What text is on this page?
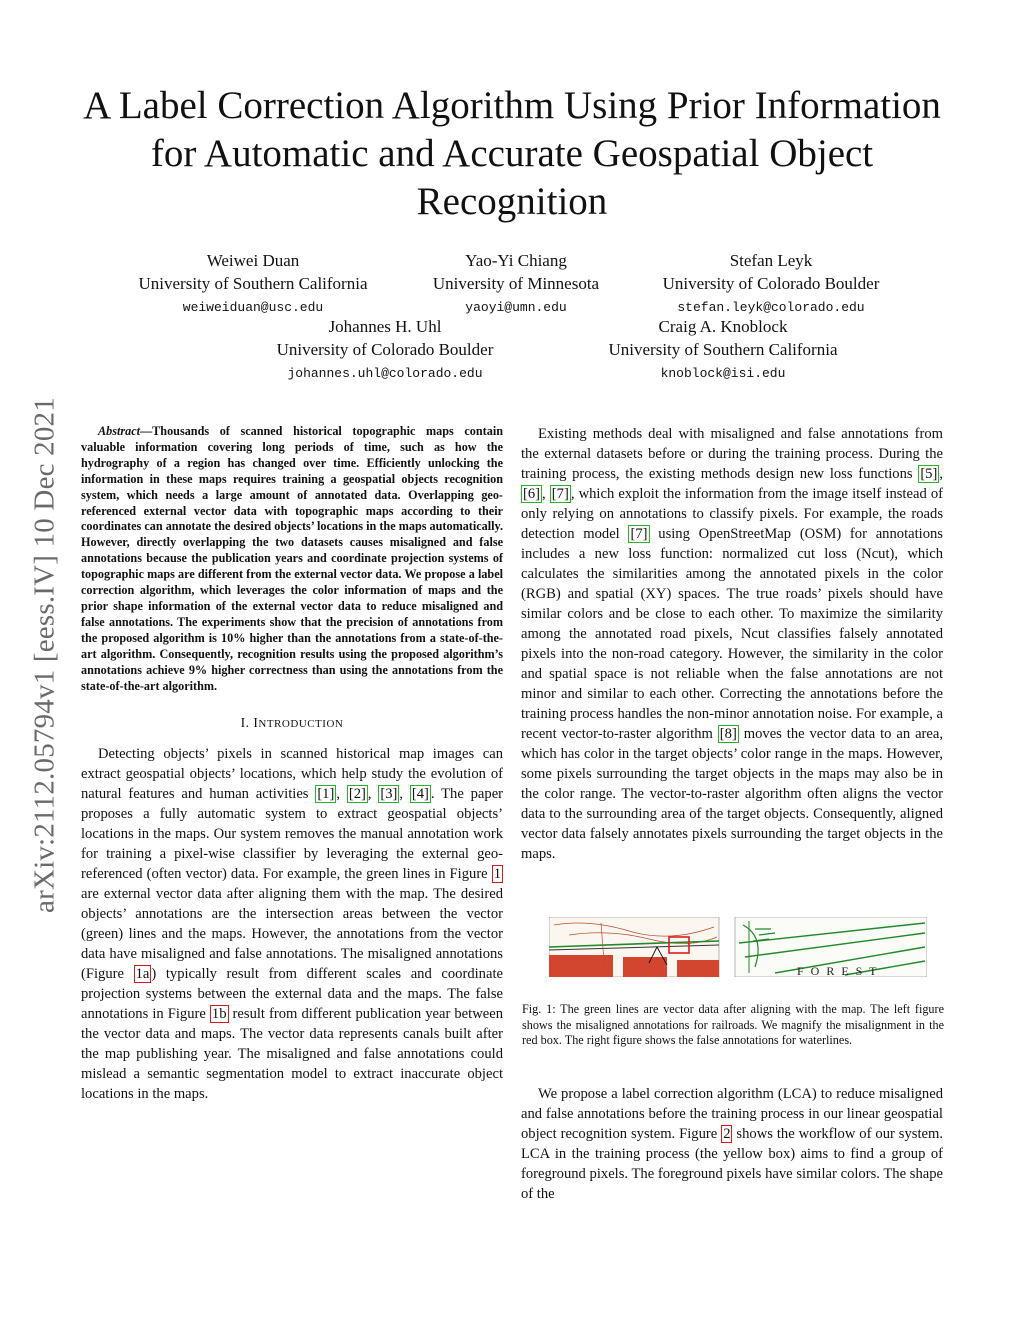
arXiv:2112.05794v1 [eess.IV] 10 Dec 2021
A Label Correction Algorithm Using Prior Information for Automatic and Accurate Geospatial Object Recognition
Weiwei Duan
University of Southern California
weiweiduan@usc.edu
Yao-Yi Chiang
University of Minnesota
yaoyi@umn.edu
Stefan Leyk
University of Colorado Boulder
stefan.leyk@colorado.edu
Johannes H. Uhl
University of Colorado Boulder
johannes.uhl@colorado.edu
Craig A. Knoblock
University of Southern California
knoblock@isi.edu

Abstract—Thousands of scanned historical topographic maps contain valuable information covering long periods of time, such as how the hydrography of a region has changed over time. Efficiently unlocking the information in these maps requires training a geospatial objects recognition system, which needs a large amount of annotated data. Overlapping geo-referenced external vector data with topographic maps according to their coordinates can annotate the desired objects’ locations in the maps automatically. However, directly overlapping the two datasets causes misaligned and false annotations because the publication years and coordinate projection systems of topographic maps are different from the external vector data. We propose a label correction algorithm, which leverages the color information of maps and the prior shape information of the external vector data to reduce misaligned and false annotations. The experiments show that the precision of annotations from the proposed algorithm is 10% higher than the annotations from a state-of-the-art algorithm. Consequently, recognition results using the proposed algorithm’s annotations achieve 9% higher correctness than using the annotations from the state-of-the-art algorithm.

I. INTRODUCTION

Detecting objects’ pixels in scanned historical map images can extract geospatial objects’ locations, which help study the evolution of natural features and human activities [1] , [2] , [3] , [4] . The paper proposes a fully automatic system to extract geospatial objects’ locations in the maps. Our system removes the manual annotation work for training a pixel-wise classifier by leveraging the external geo-referenced (often vector) data. For example, the green lines in Figure 1 are external vector data after aligning them with the map. The desired objects’ annotations are the intersection areas between the vector (green) lines and the maps. However, the annotations from the vector data have misaligned and false annotations. The misaligned annotations (Figure 1a ) typically result from different scales and coordinate projection systems between the external data and the maps. The false annotations in Figure 1b result from different publication year between the vector data and maps. The vector data represents canals built after the map publishing year. The misaligned and false annotations could mislead a semantic segmentation model to extract inaccurate object locations in the maps.

Existing methods deal with misaligned and false annotations from the external datasets before or during the training process. During the training process, the existing methods design new loss functions [5] , [6] , [7] , which exploit the information from the image itself instead of only relying on annotations to classify pixels. For example, the roads detection model [7] using OpenStreetMap (OSM) for annotations includes a new loss function: normalized cut loss (Ncut), which calculates the similarities among the annotated pixels in the color (RGB) and spatial (XY) spaces. The true roads’ pixels should have similar colors and be close to each other. To maximize the similarity among the annotated road pixels, Ncut classifies falsely annotated pixels into the non-road category. However, the similarity in the color and spatial space is not reliable when the false annotations are not minor and similar to each other. Correcting the annotations before the training process handles the non-minor annotation noise. For example, a recent vector-to-raster algorithm [8] moves the vector data to an area, which has color in the target objects’ color range in the maps. However, some pixels surrounding the target objects in the maps may also be in the color range. The vector-to-raster algorithm often aligns the vector data to the surrounding area of the target objects. Consequently, aligned vector data falsely annotates pixels surrounding the target objects in the maps.

F O R E S T
Fig. 1: The green lines are vector data after aligning with the map. The left figure shows the misaligned annotations for railroads. We magnify the misalignment in the red box. The right figure shows the false annotations for waterlines.

We propose a label correction algorithm (LCA) to reduce misaligned and false annotations before the training process in our linear geospatial object recognition system. Figure 2 shows the workflow of our system. LCA in the training process (the yellow box) aims to find a group of foreground pixels. The foreground pixels have similar colors. The shape of the
